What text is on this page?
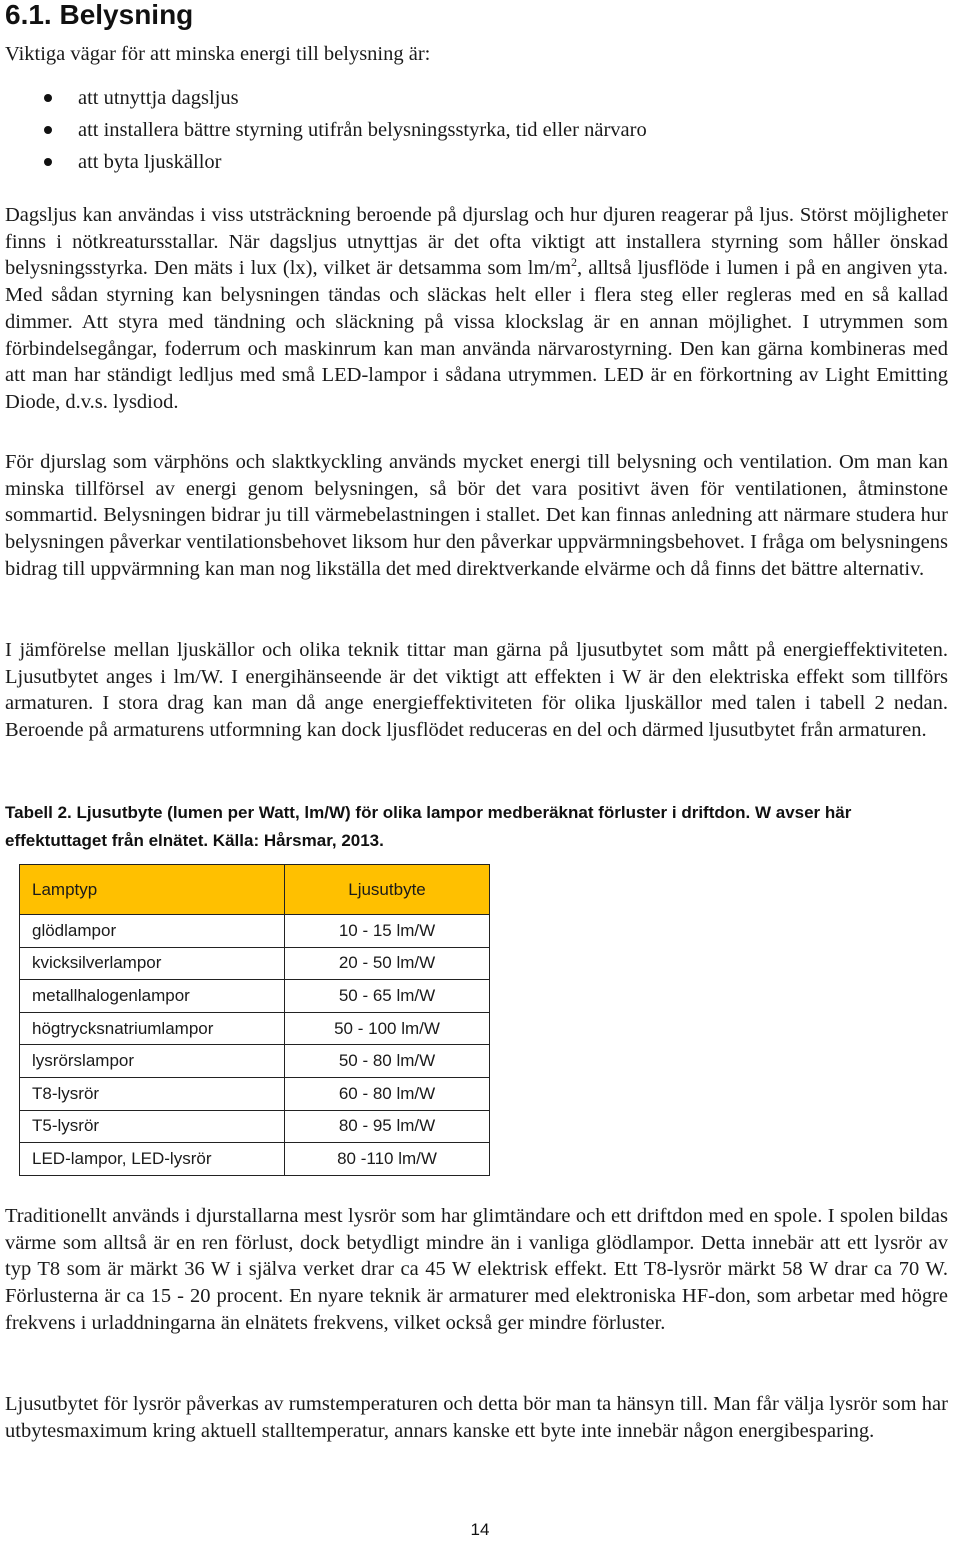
6.1. Belysning

Viktiga vägar för att minska energi till belysning är:

att utnyttja dagsljus
att installera bättre styrning utifrån belysningsstyrka, tid eller närvaro
att byta ljuskällor

Dagsljus kan användas i viss utsträckning beroende på djurslag och hur djuren reagerar på ljus. Störst möjligheter finns i nötkreatursstallar. När dagsljus utnyttjas är det ofta viktigt att installera styrning som håller önskad belysningsstyrka. Den mäts i lux (lx), vilket är detsamma som $lm/m^2$, alltså ljusflöde i lumen i på en angiven yta. Med sådan styrning kan belysningen tändas och släckas helt eller i flera steg eller regleras med en så kallad dimmer. Att styra med tändning och släckning på vissa klockslag är en annan möjlighet. I utrymmen som förbindelsegångar, foderrum och maskinrum kan man använda närvarostyrning. Den kan gärna kombineras med att man har ständigt ledljus med små LED-lampor i sådana utrymmen. LED är en förkortning av Light Emitting Diode, d.v.s. lysdiod.

För djurslag som värphöns och slaktkyckling används mycket energi till belysning och ventilation. Om man kan minska tillförsel av energi genom belysningen, så bör det vara positivt även för ventilationen, åtminstone sommartid. Belysningen bidrar ju till värmebelastningen i stallet. Det kan finnas anledning att närmare studera hur belysningen påverkar ventilationsbehovet liksom hur den påverkar uppvärmningsbehovet. I fråga om belysningens bidrag till uppvärmning kan man nog likställa det med direktverkande elvärme och då finns det bättre alternativ.

I jämförelse mellan ljuskällor och olika teknik tittar man gärna på ljusutbytet som mått på energieffektiviteten. Ljusutbytet anges i lm/W. I energihänseende är det viktigt att effekten i W är den elektriska effekt som tillförs armaturen. I stora drag kan man då ange energieffektiviteten för olika ljuskällor med talen i tabell 2 nedan. Beroende på armaturens utformning kan dock ljusflödet reduceras en del och därmed ljusutbytet från armaturen.

Tabell 2. Ljusutbyte (lumen per Watt, lm/W) för olika lampor medberäknat förluster i driftdon. W avser här effektuttaget från elnätet. Källa: Hårsmar, 2013.

Lamptyp	Ljusutbyte
glödlampor	10 - 15 lm/W
kvicksilverlampor	20 - 50 lm/W
metallhalogenlampor	50 - 65 lm/W
högtrycksnatriumlampor	50 - 100 lm/W
lysrörslampor	50 - 80 lm/W
T8-lysrör	60 - 80 lm/W
T5-lysrör	80 - 95 lm/W
LED-lampor, LED-lysrör	80 -110 lm/W

Traditionellt används i djurstallarna mest lysrör som har glimtändare och ett driftdon med en spole. I spolen bildas värme som alltså är en ren förlust, dock betydligt mindre än i vanliga glödlampor. Detta innebär att ett lysrör av typ T8 som är märkt 36 W i själva verket drar ca 45 W elektrisk effekt. Ett T8-lysrör märkt 58 W drar ca 70 W. Förlusterna är ca 15 - 20 procent. En nyare teknik är armaturer med elektroniska HF-don, som arbetar med högre frekvens i urladdningarna än elnätets frekvens, vilket också ger mindre förluster.

Ljusutbytet för lysrör påverkas av rumstemperaturen och detta bör man ta hänsyn till. Man får välja lysrör som har utbytesmaximum kring aktuell stalltemperatur, annars kanske ett byte inte innebär någon energibesparing.

14
